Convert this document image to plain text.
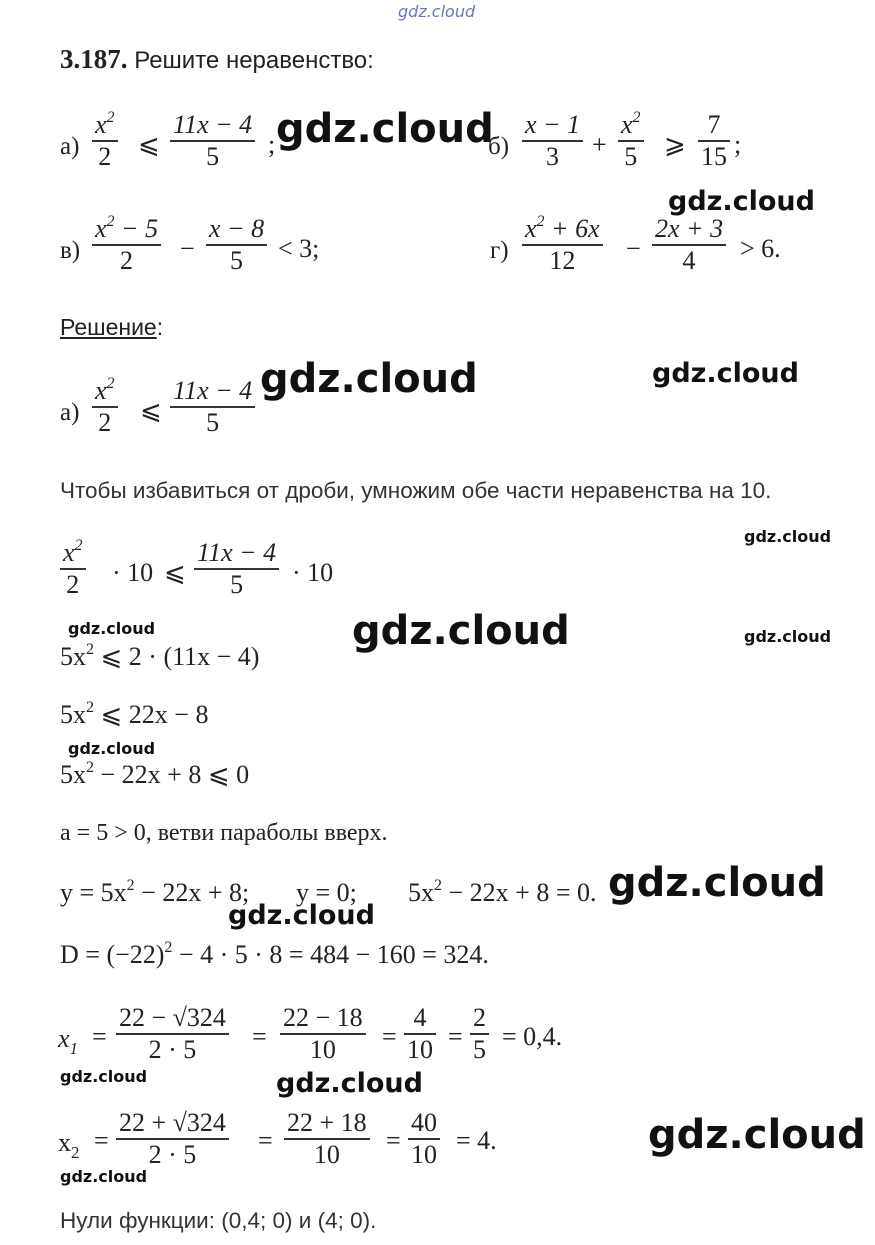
gdz.cloud
gdz.cloud
gdz.cloud
gdz.cloud	gdz.cloud
gdz.cloud
gdz.cloud
gdz.cloud	gdz.cloud
gdz.cloud
gdz.cloud
gdz.cloud
gdz.cloud	gdz.cloud
gdz.cloud
gdz.cloud
3.187. Решите неравенство:
а)
$x^2$
2 ⩽
11x − 4
5 ;	б)
x − 1
3 +
$x^2$
5 ⩾
7
15 ;
в)
$x^2 - 5$
2 −
x − 8
5 < 3;	г)
$x^2 + 6x$
12 −
2x + 3
4 > 6.
Решение:
а)
$x^2$
2 ⩽
11x − 4
5
Чтобы избавиться от дроби, умножим обе части неравенства на 10.
$x^2$
2 · 10 ⩽
11x − 4
5 · 10
$5x^2$ ⩽ 2 · (11x − 4)
$5x^2$ ⩽ 22x − 8
$5x^2 - 22x + 8$ ⩽ 0
a = 5 > 0, ветви параболы вверх.
$y = 5x^2 - 22x + 8$; y = 0; $5x^2 - 22x + 8 = 0$.
$D = (-22)^2 - 4 \cdot 5 \cdot 8 = 484 - 160 = 324$.
$x_1$ =
22 − √324
2 · 5 =
22 − 18
10 =
4
10 =
2
5 = 0,4.
$x_2$ =
22 + √324
2 · 5 =
22 + 18
10 =
40
10 = 4.
Нули функции: (0,4; 0) и (4; 0).
